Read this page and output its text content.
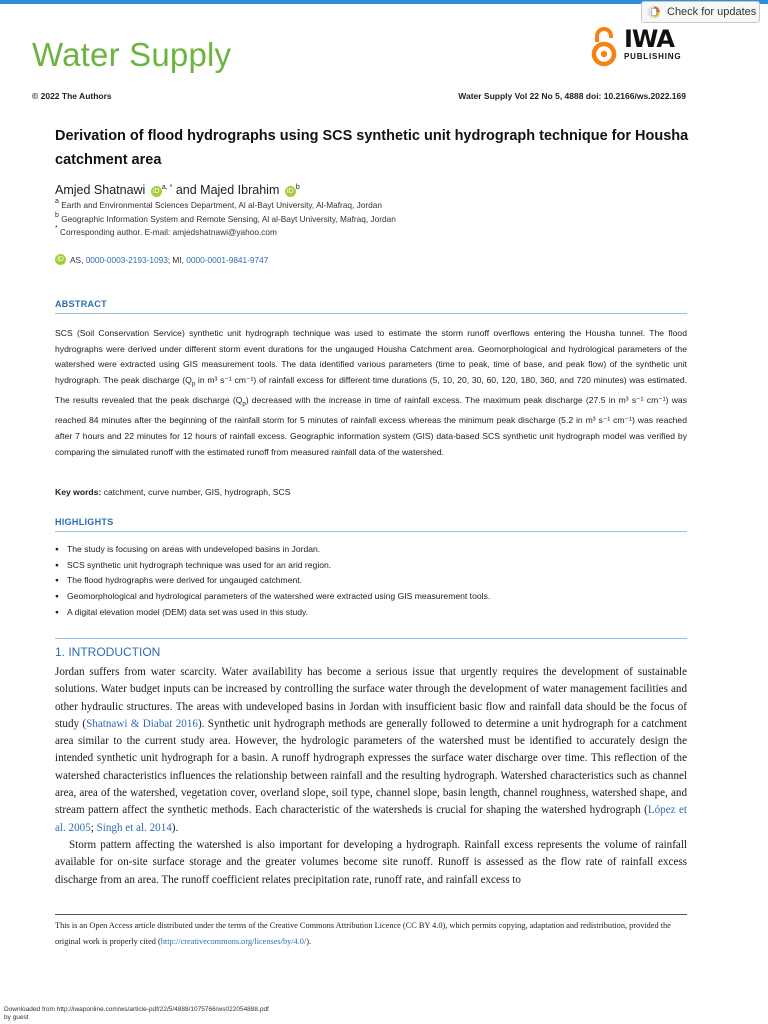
Check for updates
Water Supply	IWA
PUBLISHING
© 2022 The Authors	Water Supply Vol 22 No 5, 4888 doi: 10.2166/ws.2022.169
Derivation of flood hydrographs using SCS synthetic unit hydrograph technique for Housha catchment area
Amjed Shatnawi $iD^{a, *}$ and Majed Ibrahim $iD^b$
$^a$ Earth and Environmental Sciences Department, Al al-Bayt University, Al-Mafraq, Jordan
$^b$ Geographic Information System and Remote Sensing, Al al-Bayt University, Mafraq, Jordan
* Corresponding author. E-mail: amjedshatnawi@yahoo.com
iD AS,
0000-0003-2193-1093 ; MI,
0000-0001-9841-9747
ABSTRACT
SCS (Soil Conservation Service) synthetic unit hydrograph technique was used to estimate the storm runoff overflows entering the Housha tunnel. The flood hydrographs were derived under different storm event durations for the ungauged Housha Catchment area. Geomorphological and hydrological parameters of the watershed were extracted using GIS measurement tools. The data identified various parameters (time to peak, time of base, and peak flow) of the synthetic unit hydrograph. The peak discharge ($Q_p$ in m³ s⁻¹ cm⁻¹) of rainfall excess for different time durations (5, 10, 20, 30, 60, 120, 180, 360, and 720 minutes) was estimated. The results revealed that the peak discharge $(Q_p)$ decreased with the increase in time of rainfall excess. The maximum peak discharge (27.5 in m³ s⁻¹ cm⁻¹) was reached 84 minutes after the beginning of the rainfall storm for 5 minutes of rainfall excess whereas the minimum peak discharge (5.2 in m³ s⁻¹ cm⁻¹) was reached after 7 hours and 22 minutes for 12 hours of rainfall excess. Geographic information system (GIS) data-based SCS synthetic unit hydrograph model was verified by comparing the simulated runoff with the estimated runoff from measured rainfall data of the watershed.
Key words: catchment, curve number, GIS, hydrograph, SCS
HIGHLIGHTS
● The study is focusing on areas with undeveloped basins in Jordan.
● SCS synthetic unit hydrograph technique was used for an arid region.
● The flood hydrographs were derived for ungauged catchment.
● Geomorphological and hydrological parameters of the watershed were extracted using GIS measurement tools.
● A digital elevation model (DEM) data set was used in this study.
1. INTRODUCTION

Jordan suffers from water scarcity. Water availability has become a serious issue that urgently requires the development of sustainable solutions. Water budget inputs can be increased by controlling the surface water through the development of water management facilities and other hydraulic structures. The areas with undeveloped basins in Jordan with insufficient basic flow and rainfall data should be the focus of study (Shatnawi & Diabat 2016). Synthetic unit hydrograph methods are generally followed to determine a unit hydrograph for a catchment area similar to the current study area. However, the hydrologic parameters of the watershed must be identified to accurately design the intended synthetic unit hydrograph for a basin. A runoff hydrograph expresses the surface water discharge over time. This reflection of the watershed characteristics influences the relationship between rainfall and the resulting hydrograph. Watershed characteristics such as channel area, area of the watershed, vegetation cover, overland slope, soil type, channel slope, basin length, channel roughness, watershed shape, and stream pattern affect the synthetic methods. Each characteristic of the watersheds is crucial for shaping the watershed hydrograph (López et al. 2005; Singh et al. 2014).

Storm pattern affecting the watershed is also important for developing a hydrograph. Rainfall excess represents the volume of rainfall available for on-site surface storage and the greater volumes become site runoff. Runoff is assessed as the flow rate of rainfall excess discharge from an area. The runoff coefficient relates precipitation rate, runoff rate, and rainfall excess to

This is an Open Access article distributed under the terms of the Creative Commons Attribution Licence (CC BY 4.0), which permits copying, adaptation and redistribution, provided the original work is properly cited (http://creativecommons.org/licenses/by/4.0/).
Downloaded from http://iwaponline.com/ws/article-pdf/22/5/4888/1075766/ws022054888.pdf
by guest
